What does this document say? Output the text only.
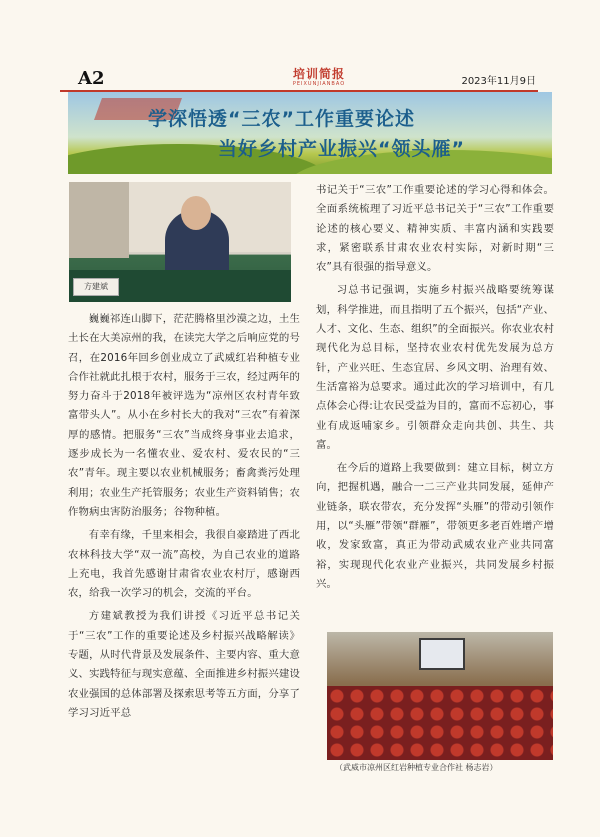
A2	培训简报
PEIXUNJIANBAO	2023年11月9日
学深悟透“三农”工作重要论述
当好乡村产业振兴“领头雁”
方建斌

巍巍祁连山脚下，茫茫腾格里沙漠之边，土生土长在大美凉州的我，在读完大学之后响应党的号召，在2016年回乡创业成立了武威红岩种植专业合作社就此扎根于农村，服务于三农，经过两年的努力奋斗于2018年被评选为“凉州区农村青年致富带头人”。从小在乡村长大的我对“三农”有着深厚的感情。把服务“三农”当成终身事业去追求，逐步成长为一名懂农业、爱农村、爱农民的“三农”青年。现主要以农业机械服务；畜禽粪污处理利用；农业生产托管服务；农业生产资料销售；农作物病虫害防治服务；谷物种植。

有幸有缘，千里来相会，我很自豪踏进了西北农林科技大学“双一流”高校，为自己农业的道路上充电，我首先感谢甘肃省农业农村厅，感谢西农，给我一次学习的机会，交流的平台。

方建斌教授为我们讲授《习近平总书记关于“三农”工作的重要论述及乡村振兴战略解读》专题，从时代背景及发展条件、主要内容、重大意义、实践特征与现实意蕴、全面推进乡村振兴建设农业强国的总体部署及探索思考等五方面，分享了学习习近平总

书记关于“三农”工作重要论述的学习心得和体会。全面系统梳理了习近平总书记关于“三农”工作重要论述的核心要义、精神实质、丰富内涵和实践要求，紧密联系甘肃农业农村实际，对新时期“三农”具有很强的指导意义。

习总书记强调，实施乡村振兴战略要统筹谋划，科学推进，而且指明了五个振兴，包括“产业、人才、文化、生态、组织”的全面振兴。你农业农村现代化为总目标，坚持农业农村优先发展为总方针，产业兴旺、生态宜居、乡风文明、治理有效、生活富裕为总要求。通过此次的学习培训中，有几点体会心得:让农民受益为目的，富而不忘初心，事业有成返哺家乡。引领群众走向共创、共生、共富。

在今后的道路上我要做到：建立目标，树立方向，把握机遇，融合一二三产业共同发展，延伸产业链条，联农带农，充分发挥“头雁”的带动引领作用，以“头雁”带领“群雁”，带领更多老百姓增产增收，发家致富，真正为带动武威农业产业共同富裕，实现现代化农业产业振兴，共同发展乡村振兴。

（武威市凉州区红岩种植专业合作社 杨志岩）
